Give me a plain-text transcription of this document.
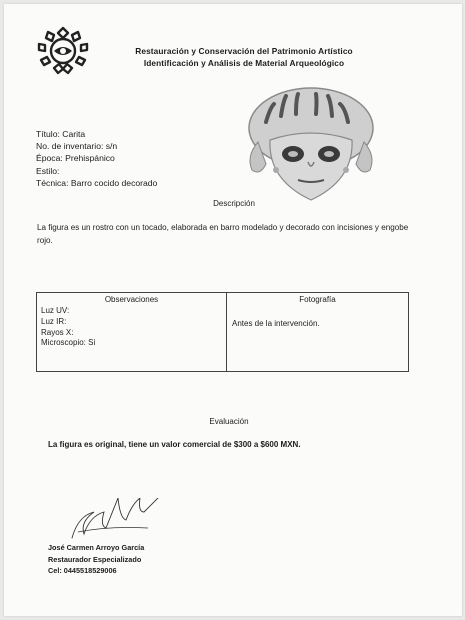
Restauración y Conservación del Patrimonio Artístico
Identificación y Análisis de Material Arqueológico
Título: Carita
No. de inventario: s/n
Época: Prehispánico
Estilo:
Técnica: Barro cocido decorado
Descripción
La figura es un rostro con un tocado, elaborada en barro modelado y decorado con incisiones y engobe rojo.
Observaciones
Luz UV:
Luz IR:
Rayos X:
Microscopio: Si
Fotografía
Antes de la intervención.
Evaluación
La figura es original, tiene un valor comercial de $300 a $600 MXN.
José Carmen Arroyo García
Restaurador Especializado
Cel: 0445518529006
